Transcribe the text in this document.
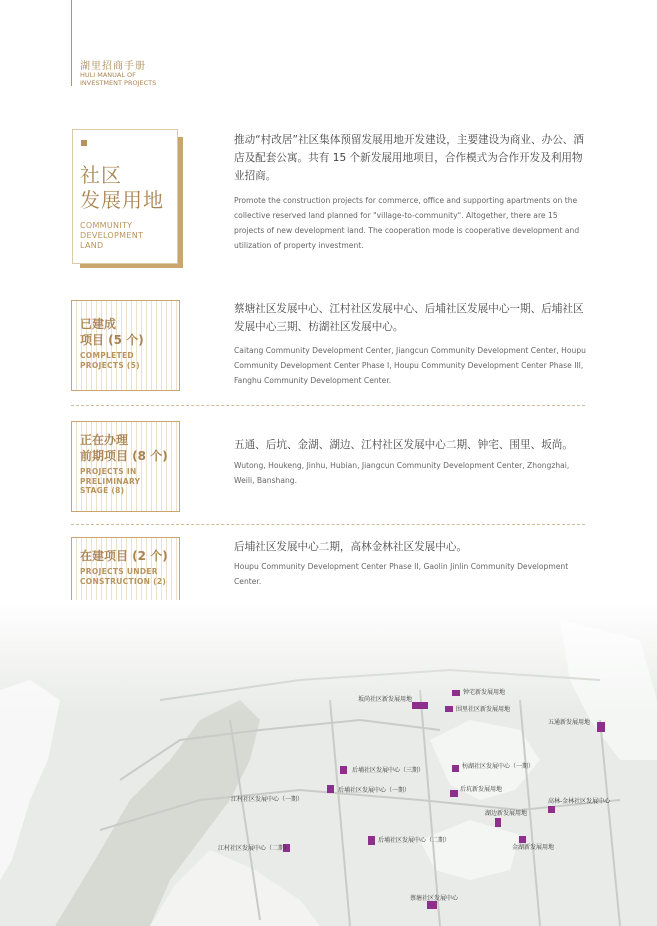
湖里招商手册
HULI MANUAL OF
INVESTMENT PROJECTS
社区
发展用地
COMMUNITY
DEVELOPMENT
LAND
推动“村改居”社区集体预留发展用地开发建设，主要建设为商业、办公、酒店及配套公寓。共有 15 个新发展用地项目，合作模式为合作开发及利用物业招商。
Promote the construction projects for commerce, office and supporting apartments on the collective reserved land planned for "village-to-community". Altogether, there are 15 projects of new development land. The cooperation mode is cooperative development and utilization of property investment.
已建成
项目 (5 个)
COMPLETED
PROJECTS (5)
蔡塘社区发展中心、江村社区发展中心、后埔社区发展中心一期、后埔社区发展中心三期、枋湖社区发展中心。
Caitang Community Development Center, Jiangcun Community Development Center, Houpu Community Development Center Phase I, Houpu Community Development Center Phase III, Fanghu Community Development Center.
正在办理
前期项目 (8 个)
PROJECTS IN
PRELIMINARY
STAGE (8)
五通、后坑、金湖、湖边、江村社区发展中心二期、钟宅、围里、坂尚。
Wutong, Houkeng, Jinhu, Hubian, Jiangcun Community Development Center, Zhongzhai, Weili, Banshang.
在建项目 (2 个)
PROJECTS UNDER
CONSTRUCTION (2)
后埔社区发展中心二期，高林金林社区发展中心。
Houpu Community Development Center Phase II, Gaolin Jinlin Community Development Center.
坂尚社区新发展用地
钟宅新发展用地
围里社区新发展用地
五通新发展用地
后埔社区发展中心（三期）
枋湖社区发展中心（一期）
后埔社区发展中心（一期）	后坑新发展用地
江村社区发展中心（一期）
湖边新发展用地
高林-金林社区发展中心
后埔社区发展中心（二期）
金湖新发展用地
江村社区发展中心（二期）
蔡塘社区发展中心
